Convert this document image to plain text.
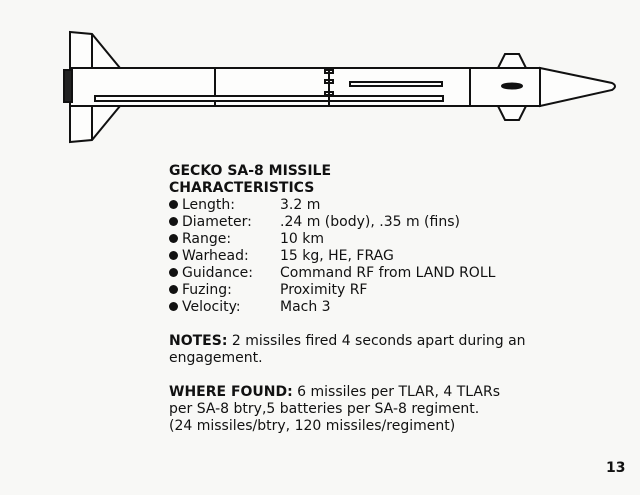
GECKO SA-8 MISSILE

CHARACTERISTICS

Length:	3.2 m
Diameter:	.24 m (body), .35 m (fins)
Range:	10 km
Warhead:	15 kg, HE, FRAG
Guidance:	Command RF from LAND ROLL
Fuzing:	Proximity RF
Velocity:	Mach 3

NOTES: 2 missiles fired 4 seconds apart during an engagement.

WHERE FOUND: 6 missiles per TLAR, 4 TLARs

per SA-8 btry,5 batteries per SA-8 regiment.

(24 missiles/btry, 120 missiles/regiment)

13
